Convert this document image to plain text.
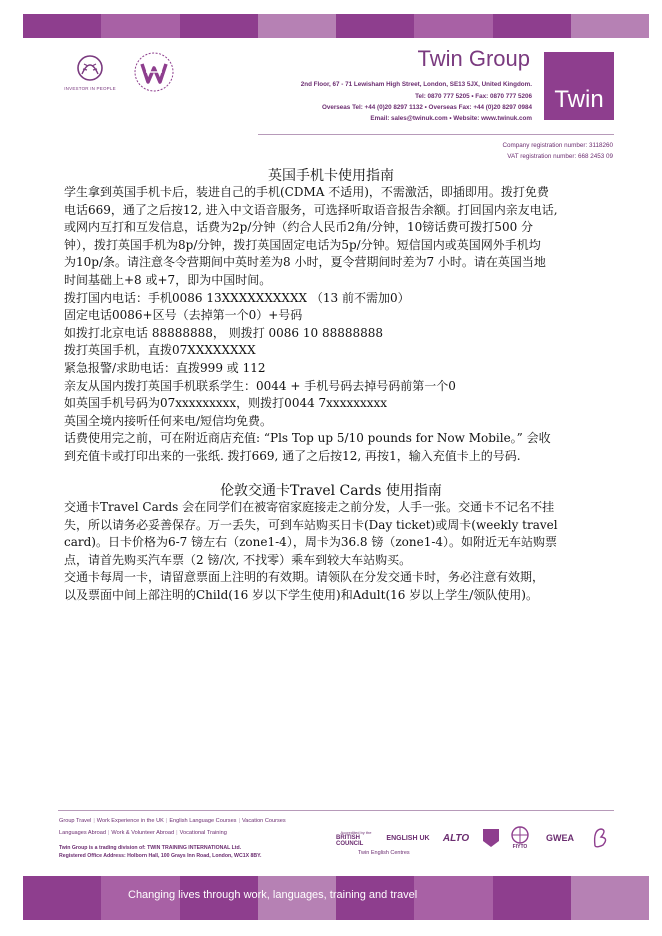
INVESTOR IN PEOPLE
Twin Group
Twin
2nd Floor, 67 - 71 Lewisham High Street, London, SE13 5JX, United Kingdom.
Tel: 0870 777 5205 • Fax: 0870 777 5206
Overseas Tel: +44 (0)20 8297 1132 • Overseas Fax: +44 (0)20 8297 0984
Email: sales@twinuk.com • Website: www.twinuk.com
Company registration number: 3118260
VAT registration number: 668 2453 09
英国手机卡使用指南

学生拿到英国手机卡后，装进自己的手机(CDMA 不适用)，不需激活，即插即用。拨打免费

电话669，通了之后按12, 进入中文语音服务，可选择听取语音报告余额。打回国内亲友电话,

或网内互打和互发信息，话费为2p/分钟（约合人民币2角/分钟，10镑话费可拨打500 分

钟），拨打英国手机为8p/分钟，拨打英国固定电话为5p/分钟。短信国内或英国网外手机均

为10p/条。请注意冬令营期间中英时差为8 小时，夏令营期间时差为7 小时。请在英国当地

时间基础上+8 或+7，即为中国时间。

拨打国内电话：手机0086 13XXXXXXXXXX （13 前不需加0）

固定电话0086+区号（去掉第一个0）+号码

如拨打北京电话 88888888， 则拨打 0086 10 88888888

拨打英国手机，直拨07XXXXXXXX

紧急报警/求助电话：直拨999 或 112

亲友从国内拨打英国手机联系学生：0044 + 手机号码去掉号码前第一个0

如英国手机号码为07xxxxxxxxx，则拨打0044 7xxxxxxxxx

英国全境内接听任何来电/短信均免费。

话费使用完之前，可在附近商店充值: “Pls Top up 5/10 pounds for Now Mobile。” 会收

到充值卡或打印出来的一张纸. 拨打669, 通了之后按12, 再按1，输入充值卡上的号码.

伦敦交通卡Travel Cards 使用指南

交通卡Travel Cards 会在同学们在被寄宿家庭接走之前分发，人手一张。交通卡不记名不挂

失，所以请务必妥善保存。万一丢失，可到车站购买日卡(Day ticket)或周卡(weekly travel

card)。日卡价格为6-7 镑左右（zone1-4），周卡为36.8 镑（zone1-4）。如附近无车站购票

点，请首先购买汽车票（2 镑/次, 不找零）乘车到较大车站购买。

交通卡每周一卡，请留意票面上注明的有效期。请领队在分发交通卡时，务必注意有效期，

以及票面中间上部注明的Child(16 岁以下学生使用)和Adult(16 岁以上学生/领队使用)。

Group Travel | Work Experience in the UK | English Language Courses | Vacation Courses
Languages Abroad | Work & Volunteer Abroad | Vocational Training
Twin Group is a trading division of: TWIN TRAINING INTERNATIONAL Ltd.
Registered Office Address: Holborn Hall, 100 Grays Inn Road, London, WC1X 8BY.
Accredited by the
BRITISH COUNCIL
ENGLISH UK	ALTO
FIYTO
GWEA
Twin English Centres
Changing lives through work, languages, training and travel
